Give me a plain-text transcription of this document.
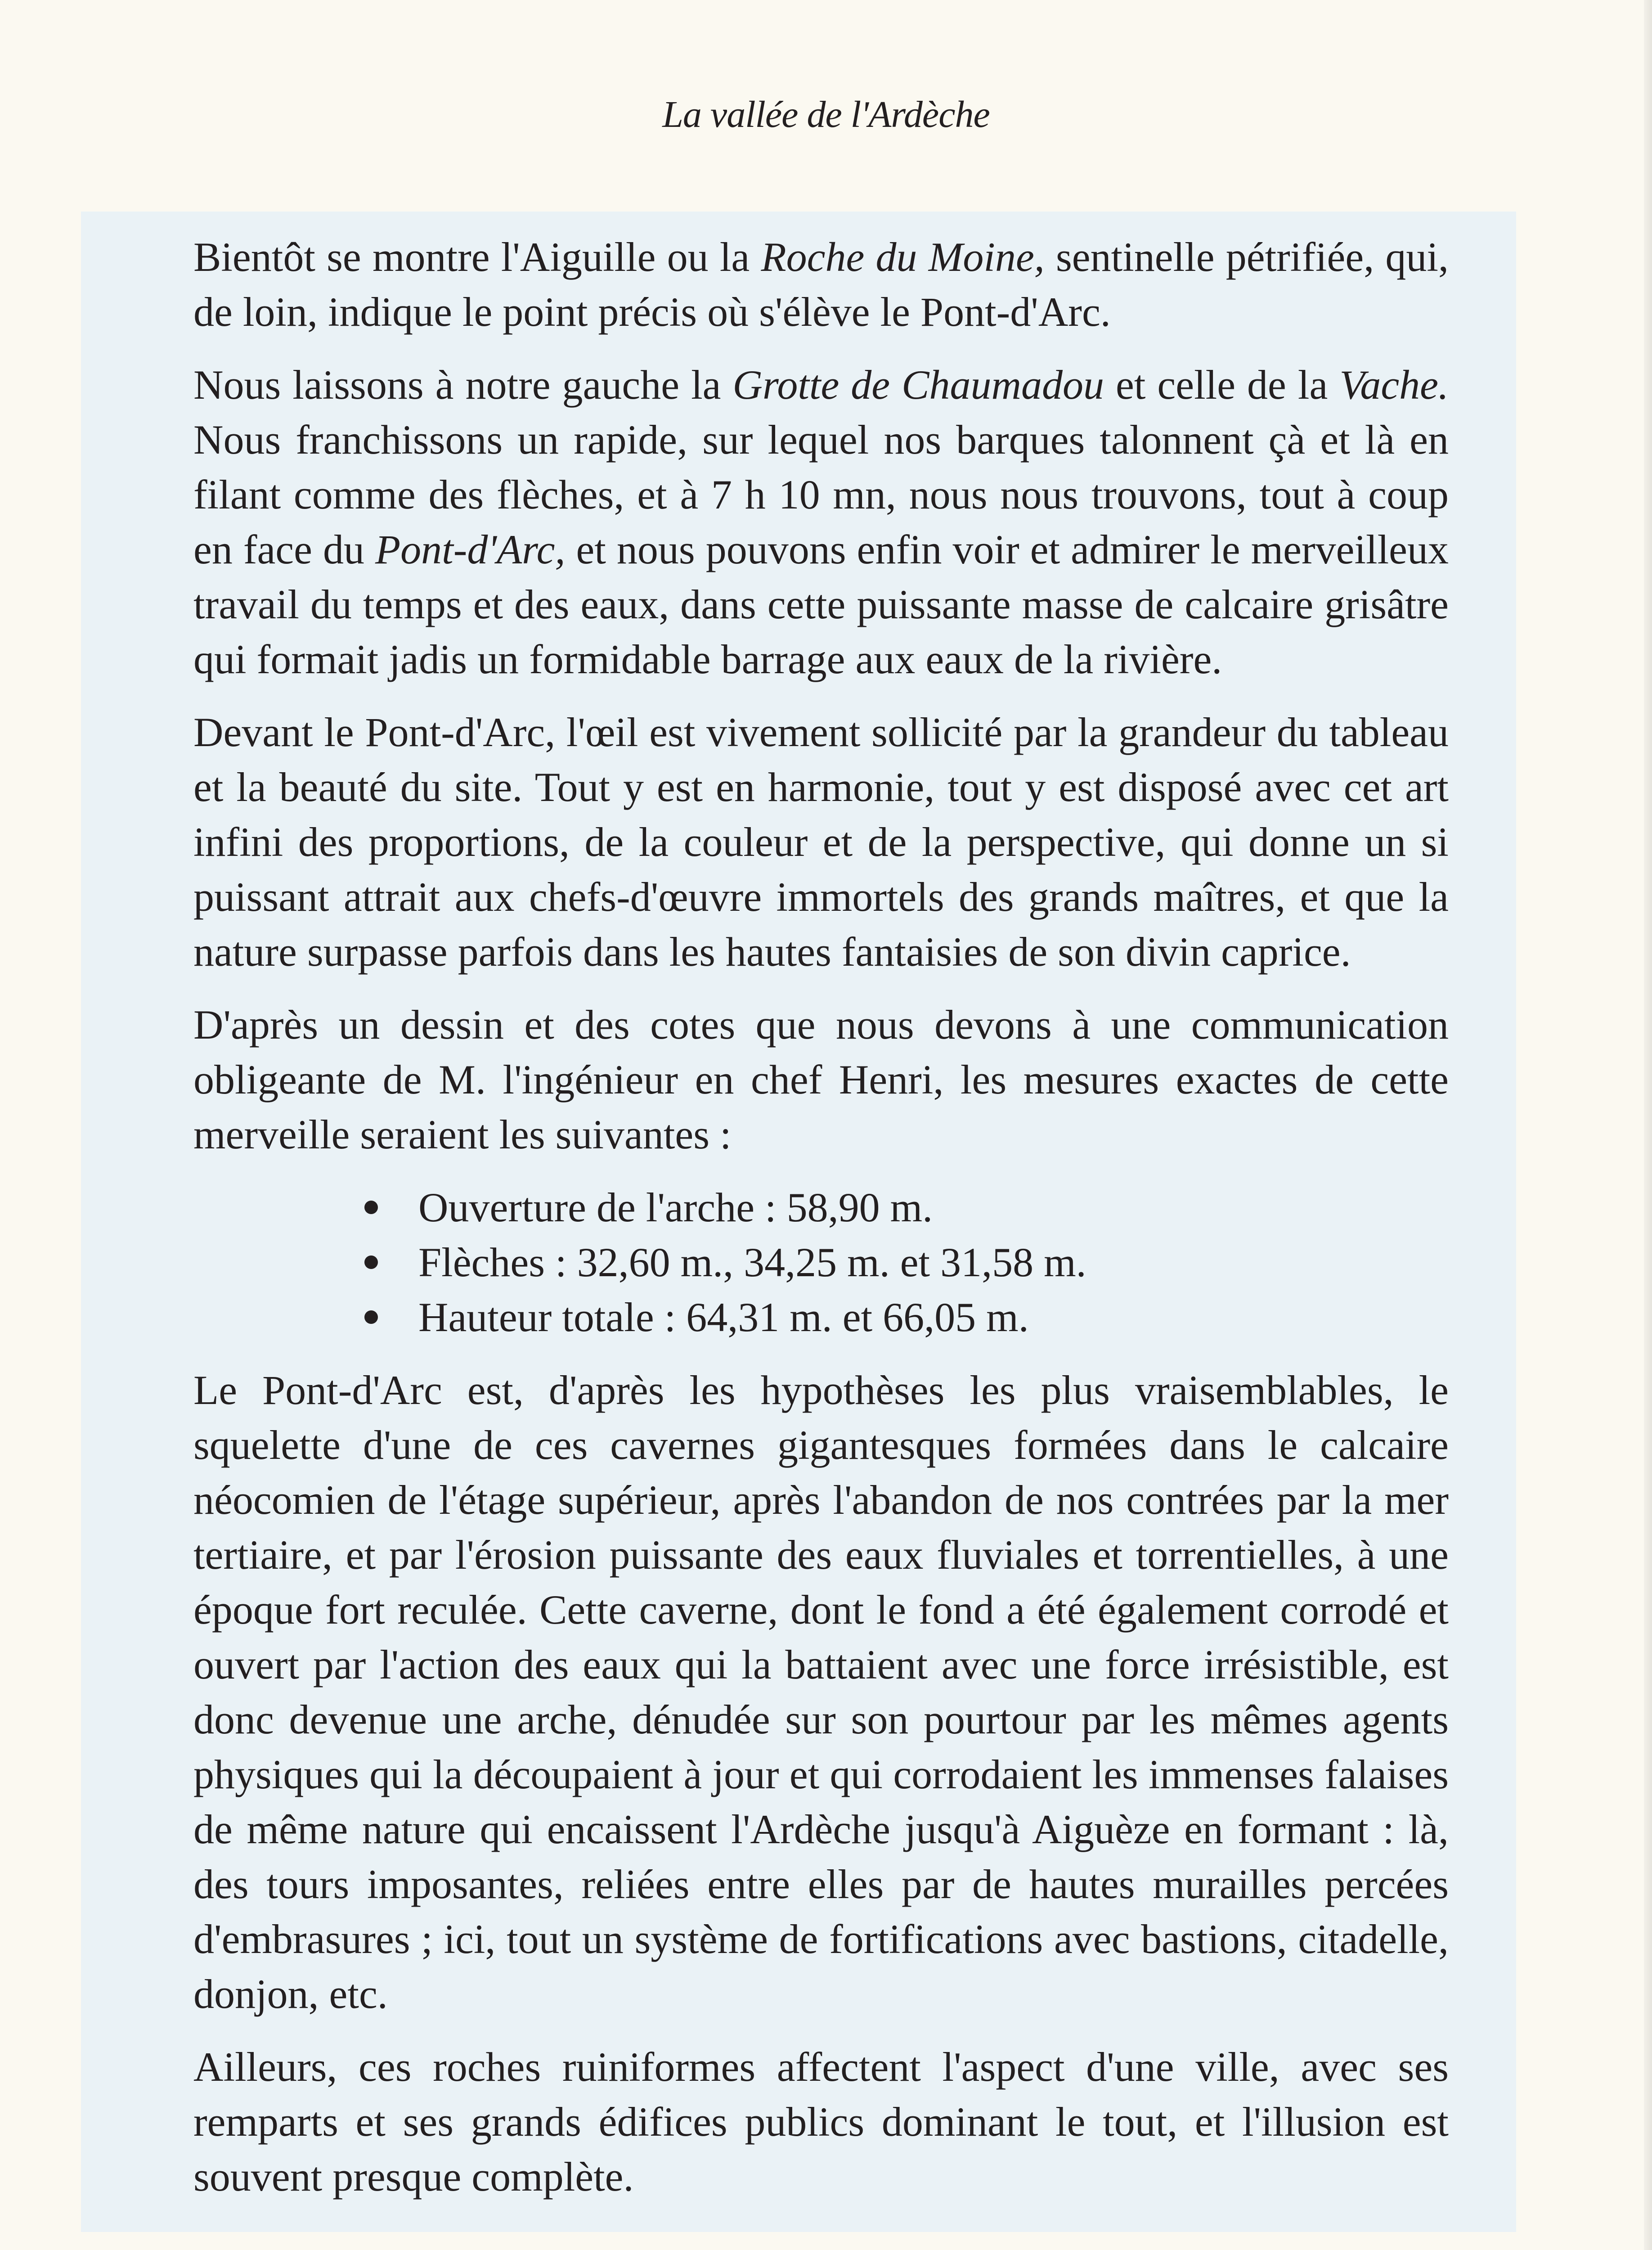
La vallée de l'Ardèche

Bientôt se montre l'Aiguille ou la Roche du Moine, sentinelle pétrifiée, qui, de loin, indique le point précis où s'élève le Pont-d'Arc.

Nous laissons à notre gauche la Grotte de Chaumadou et celle de la Vache. Nous franchissons un rapide, sur lequel nos barques talonnent çà et là en filant comme des flèches, et à 7 h 10 mn, nous nous trouvons, tout à coup en face du Pont-d'Arc, et nous pouvons enfin voir et admirer le merveilleux travail du temps et des eaux, dans cette puissante masse de calcaire grisâtre qui formait jadis un formidable barrage aux eaux de la rivière.

Devant le Pont-d'Arc, l'œil est vivement sollicité par la grandeur du tableau et la beauté du site. Tout y est en harmonie, tout y est disposé avec cet art infini des proportions, de la couleur et de la perspective, qui donne un si puissant attrait aux chefs-d'œuvre immortels des grands maîtres, et que la nature surpasse parfois dans les hautes fantaisies de son divin caprice.

D'après un dessin et des cotes que nous devons à une communication obligeante de M. l'ingénieur en chef Henri, les mesures exactes de cette merveille seraient les suivantes :

Ouverture de l'arche : 58,90 m.
Flèches : 32,60 m., 34,25 m. et 31,58 m.
Hauteur totale : 64,31 m. et 66,05 m.

Le Pont-d'Arc est, d'après les hypothèses les plus vraisemblables, le squelette d'une de ces cavernes gigantesques formées dans le calcaire néocomien de l'étage supérieur, après l'abandon de nos contrées par la mer tertiaire, et par l'érosion puissante des eaux fluviales et torrentielles, à une époque fort reculée. Cette caverne, dont le fond a été également corrodé et ouvert par l'action des eaux qui la battaient avec une force irrésistible, est donc devenue une arche, dénudée sur son pourtour par les mêmes agents physiques qui la découpaient à jour et qui corrodaient les immenses falaises de même nature qui encaissent l'Ardèche jusqu'à Aiguèze en formant : là, des tours imposantes, reliées entre elles par de hautes murailles percées d'embrasures ; ici, tout un système de fortifications avec bastions, citadelle, donjon, etc.

Ailleurs, ces roches ruiniformes affectent l'aspect d'une ville, avec ses remparts et ses grands édifices publics dominant le tout, et l'illusion est souvent presque complète.
